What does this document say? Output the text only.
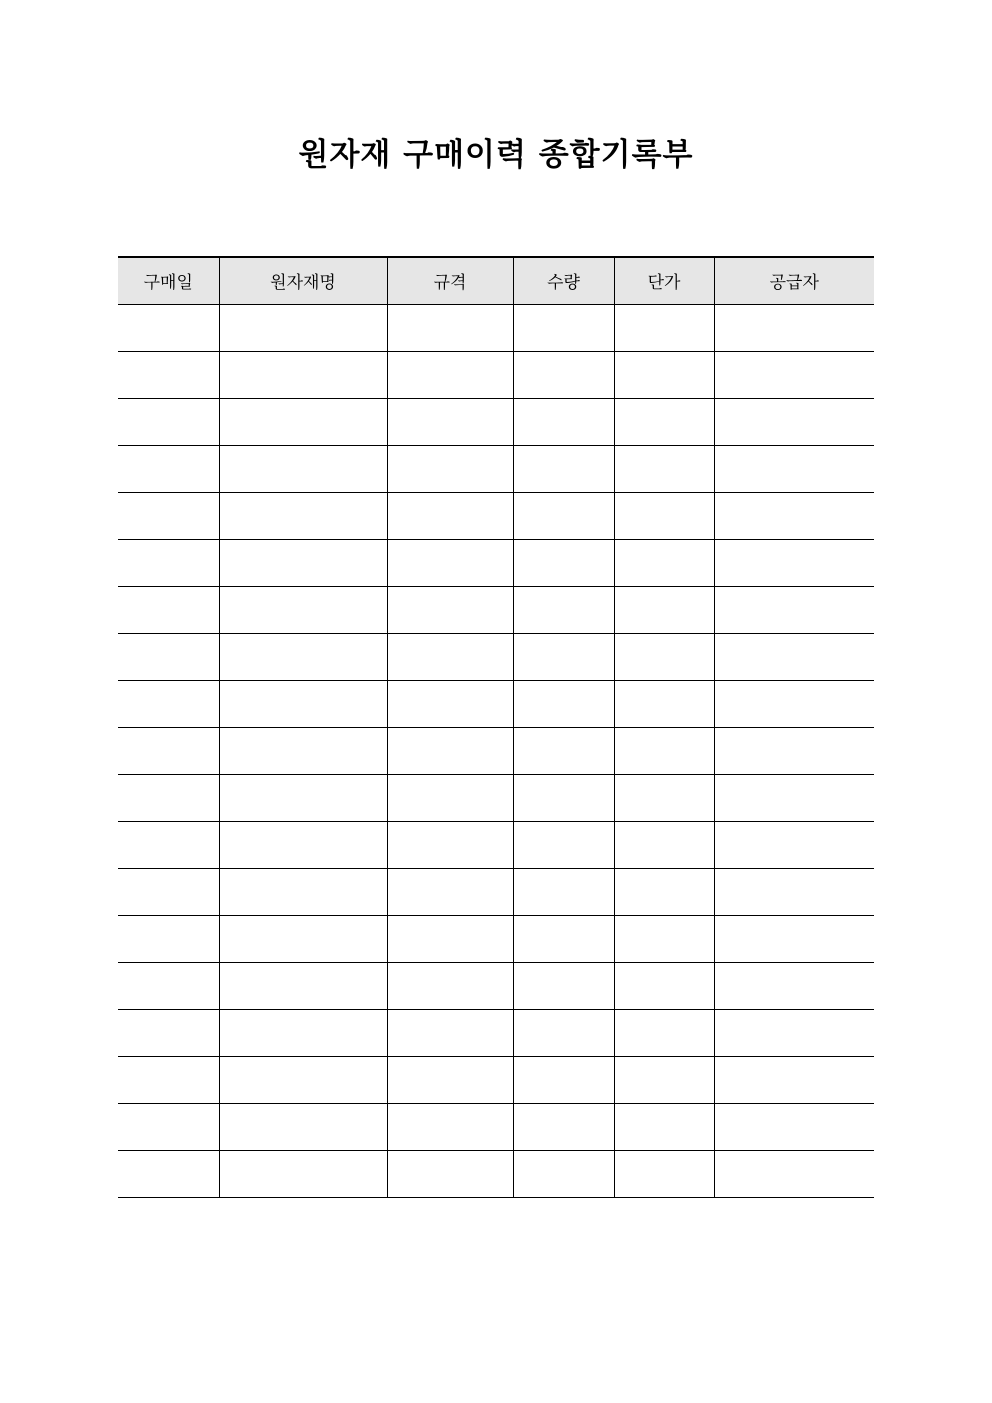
원자재 구매이력 종합기록부
구매일	원자재명	규격	수량	단가	공급자
